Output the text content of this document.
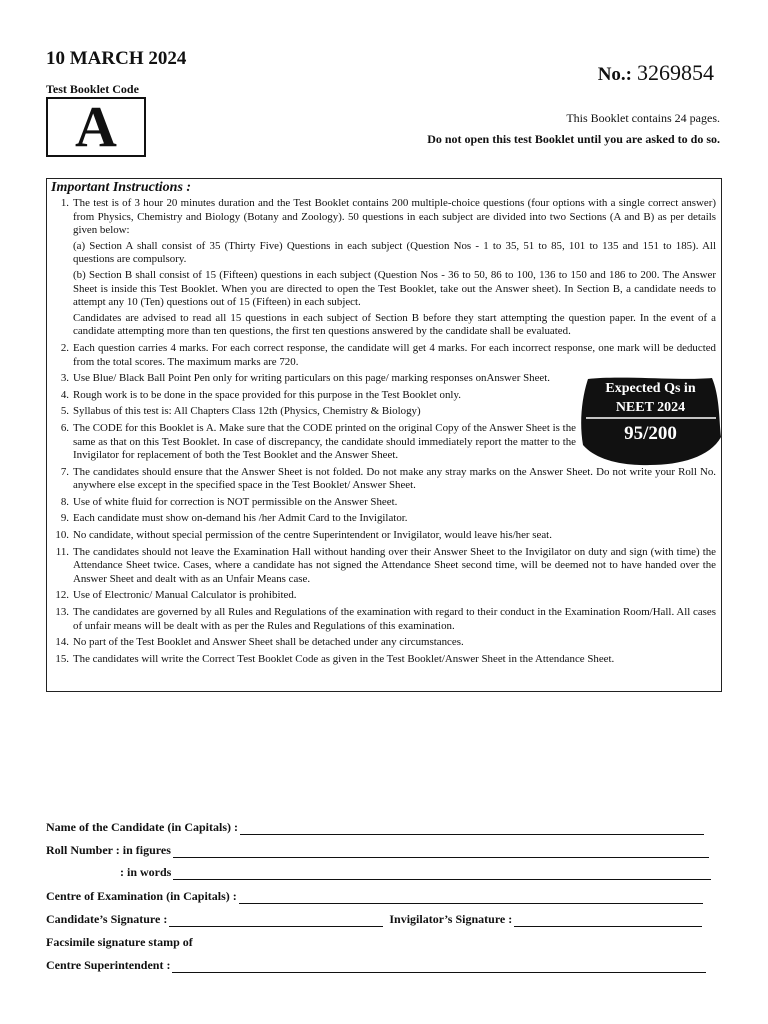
10 MARCH 2024
No.: 3269854
Test Booklet Code
A	This Booklet contains 24 pages.
Do not open this test Booklet until you are asked to do so.
Important Instructions :
1. The test is of 3 hour 20 minutes duration and the Test Booklet contains 200 multiple-choice questions (four options with a single correct answer) from Physics, Chemistry and Biology (Botany and Zoology). 50 questions in each subject are divided into two Sections (A and B) as per details given below:
(a) Section A shall consist of 35 (Thirty Five) Questions in each subject (Question Nos - 1 to 35, 51 to 85, 101 to 135 and 151 to 185). All questions are compulsory.
(b) Section B shall consist of 15 (Fifteen) questions in each subject (Question Nos - 36 to 50, 86 to 100, 136 to 150 and 186 to 200. The Answer Sheet is inside this Test Booklet. When you are directed to open the Test Booklet, take out the Answer sheet). In Section B, a candidate needs to attempt any 10 (Ten) questions out of 15 (Fifteen) in each subject.
Candidates are advised to read all 15 questions in each subject of Section B before they start attempting the question paper. In the event of a candidate attempting more than ten questions, the first ten questions answered by the candidate shall be evaluated.
2. Each question carries 4 marks. For each correct response, the candidate will get 4 marks. For each incorrect response, one mark will be deducted from the total scores. The maximum marks are 720.
3. Use Blue/ Black Ball Point Pen only for writing particulars on this page/ marking responses onAnswer Sheet.
4. Rough work is to be done in the space provided for this purpose in the Test Booklet only.
5. Syllabus of this test is: All Chapters Class 12th (Physics, Chemistry & Biology)
6. The CODE for this Booklet is A. Make sure that the CODE printed on the original Copy of the Answer Sheet is the same as that on this Test Booklet. In case of discrepancy, the candidate should immediately report the matter to the Invigilator for replacement of both the Test Booklet and the Answer Sheet.
7. The candidates should ensure that the Answer Sheet is not folded. Do not make any stray marks on the Answer Sheet. Do not write your Roll No. anywhere else except in the specified space in the Test Booklet/ Answer Sheet.
8. Use of white fluid for correction is NOT permissible on the Answer Sheet.
9. Each candidate must show on-demand his /her Admit Card to the Invigilator.
10. No candidate, without special permission of the centre Superintendent or Invigilator, would leave his/her seat.
11. The candidates should not leave the Examination Hall without handing over their Answer Sheet to the Invigilator on duty and sign (with time) the Attendance Sheet twice. Cases, where a candidate has not signed the Attendance Sheet second time, will be deemed not to have handed over the Answer Sheet and dealt with as an Unfair Means case.
12. Use of Electronic/ Manual Calculator is prohibited.
13. The candidates are governed by all Rules and Regulations of the examination with regard to their conduct in the Examination Room/Hall. All cases of unfair means will be dealt with as per the Rules and Regulations of this examination.
14. No part of the Test Booklet and Answer Sheet shall be detached under any circumstances.
15. The candidates will write the Correct Test Booklet Code as given in the Test Booklet/Answer Sheet in the Attendance Sheet.
Expected Qs in
NEET 2024
95/200
Name of the Candidate (in Capitals) :
Roll Number : in figures
: in words
Centre of Examination (in Capitals) :
Candidate’s Signature :	Invigilator’s Signature :
Facsimile signature stamp of
Centre Superintendent :
